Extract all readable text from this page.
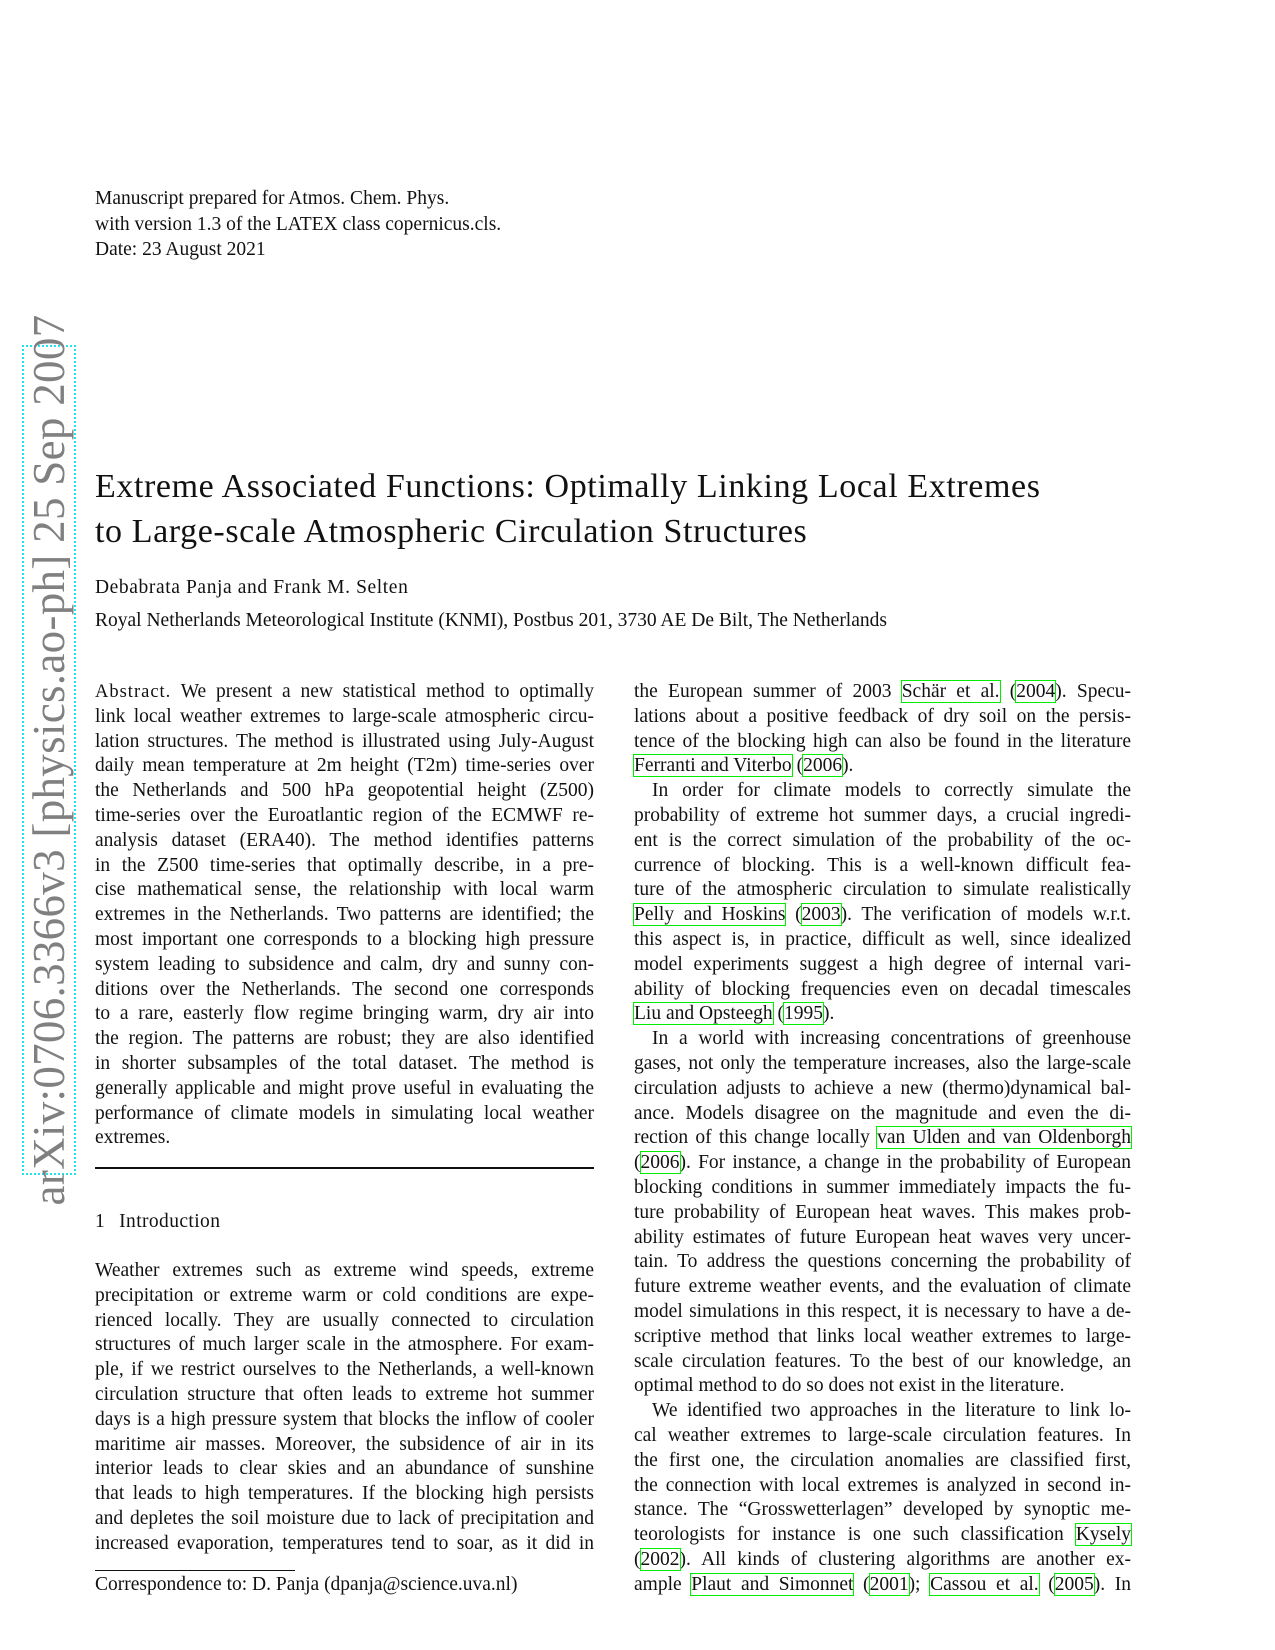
Manuscript prepared for Atmos. Chem. Phys.
with version 1.3 of the LATEX class copernicus.cls.
Date: 23 August 2021
arXiv:0706.3366v3 [physics.ao-ph] 25 Sep 2007 Extreme Associated Functions: Optimally Linking Local Extremes
to Large-scale Atmospheric Circulation Structures
Debabrata Panja and Frank M. Selten
Royal Netherlands Meteorological Institute (KNMI), Postbus 201, 3730 AE De Bilt, The Netherlands
Abstract. We present a new statistical method to optimally
link local weather extremes to large-scale atmospheric circu-
lation structures. The method is illustrated using July-August
daily mean temperature at 2m height (T2m) time-series over
the Netherlands and 500 hPa geopotential height (Z500)
time-series over the Euroatlantic region of the ECMWF re-
analysis dataset (ERA40). The method identifies patterns
in the Z500 time-series that optimally describe, in a pre-
cise mathematical sense, the relationship with local warm
extremes in the Netherlands. Two patterns are identified; the
most important one corresponds to a blocking high pressure
system leading to subsidence and calm, dry and sunny con-
ditions over the Netherlands. The second one corresponds
to a rare, easterly flow regime bringing warm, dry air into
the region. The patterns are robust; they are also identified
in shorter subsamples of the total dataset. The method is
generally applicable and might prove useful in evaluating the
performance of climate models in simulating local weather
extremes.
1 Introduction
Weather extremes such as extreme wind speeds, extreme
precipitation or extreme warm or cold conditions are expe-
rienced locally. They are usually connected to circulation
structures of much larger scale in the atmosphere. For exam-
ple, if we restrict ourselves to the Netherlands, a well-known
circulation structure that often leads to extreme hot summer
days is a high pressure system that blocks the inflow of cooler
maritime air masses. Moreover, the subsidence of air in its
interior leads to clear skies and an abundance of sunshine
that leads to high temperatures. If the blocking high persists
and depletes the soil moisture due to lack of precipitation and
increased evaporation, temperatures tend to soar, as it did in
Correspondence to: D. Panja (dpanja@science.uva.nl)
the European summer of 2003 Schär et al. (2004). Specu-
lations about a positive feedback of dry soil on the persis-
tence of the blocking high can also be found in the literature
Ferranti and Viterbo (2006).
In order for climate models to correctly simulate the
probability of extreme hot summer days, a crucial ingredi-
ent is the correct simulation of the probability of the oc-
currence of blocking. This is a well-known difficult fea-
ture of the atmospheric circulation to simulate realistically
Pelly and Hoskins (2003). The verification of models w.r.t.
this aspect is, in practice, difficult as well, since idealized
model experiments suggest a high degree of internal vari-
ability of blocking frequencies even on decadal timescales
Liu and Opsteegh (1995).
In a world with increasing concentrations of greenhouse
gases, not only the temperature increases, also the large-scale
circulation adjusts to achieve a new (thermo)dynamical bal-
ance. Models disagree on the magnitude and even the di-
rection of this change locally van Ulden and van Oldenborgh
(2006). For instance, a change in the probability of European
blocking conditions in summer immediately impacts the fu-
ture probability of European heat waves. This makes prob-
ability estimates of future European heat waves very uncer-
tain. To address the questions concerning the probability of
future extreme weather events, and the evaluation of climate
model simulations in this respect, it is necessary to have a de-
scriptive method that links local weather extremes to large-
scale circulation features. To the best of our knowledge, an
optimal method to do so does not exist in the literature.
We identified two approaches in the literature to link lo-
cal weather extremes to large-scale circulation features. In
the first one, the circulation anomalies are classified first,
the connection with local extremes is analyzed in second in-
stance. The “Grosswetterlagen” developed by synoptic me-
teorologists for instance is one such classification Kysely
(2002). All kinds of clustering algorithms are another ex-
ample Plaut and Simonnet (2001); Cassou et al. (2005). In
